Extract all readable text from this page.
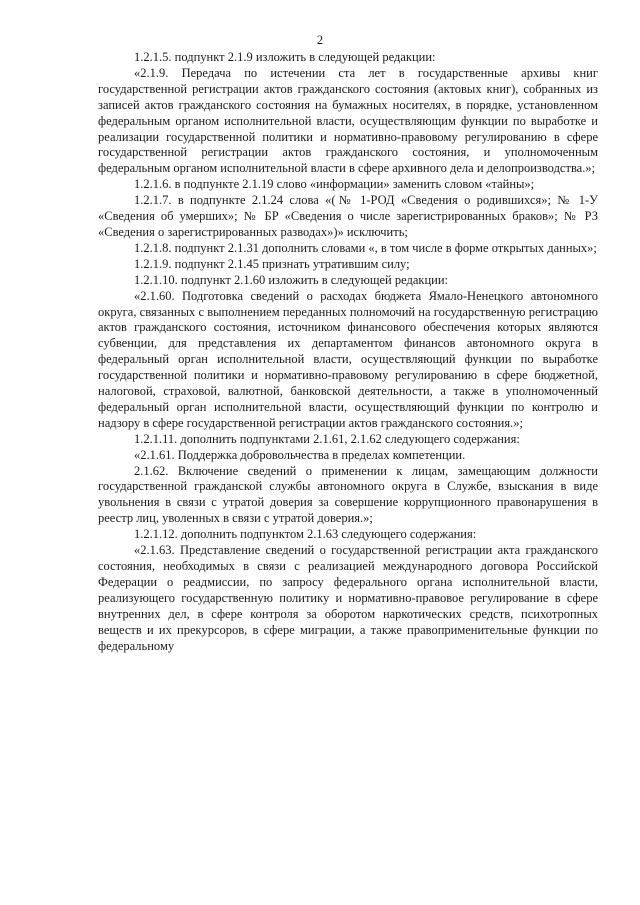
2

1.2.1.5. подпункт 2.1.9 изложить в следующей редакции:

«2.1.9. Передача по истечении ста лет в государственные архивы книг государственной регистрации актов гражданского состояния (актовых книг), собранных из записей актов гражданского состояния на бумажных носителях, в порядке, установленном федеральным органом исполнительной власти, осуществляющим функции по выработке и реализации государственной политики и нормативно-правовому регулированию в сфере государственной регистрации актов гражданского состояния, и уполномоченным федеральным органом исполнительной власти в сфере архивного дела и делопроизводства.»;

1.2.1.6. в подпункте 2.1.19 слово «информации» заменить словом «тайны»;

1.2.1.7. в подпункте 2.1.24 слова «(№ 1-РОД «Сведения о родившихся»; № 1-У «Сведения об умерших»; № БР «Сведения о числе зарегистрированных браков»; № РЗ «Сведения о зарегистрированных разводах»)» исключить;

1.2.1.8. подпункт 2.1.31 дополнить словами «, в том числе в форме открытых данных»;

1.2.1.9. подпункт 2.1.45 признать утратившим силу;

1.2.1.10. подпункт 2.1.60 изложить в следующей редакции:

«2.1.60. Подготовка сведений о расходах бюджета Ямало-Ненецкого автономного округа, связанных с выполнением переданных полномочий на государственную регистрацию актов гражданского состояния, источником финансового обеспечения которых являются субвенции, для представления их департаментом финансов автономного округа в федеральный орган исполнительной власти, осуществляющий функции по выработке государственной политики и нормативно-правовому регулированию в сфере бюджетной, налоговой, страховой, валютной, банковской деятельности, а также в уполномоченный федеральный орган исполнительной власти, осуществляющий функции по контролю и надзору в сфере государственной регистрации актов гражданского состояния.»;

1.2.1.11. дополнить подпунктами 2.1.61, 2.1.62 следующего содержания:

«2.1.61. Поддержка добровольчества в пределах компетенции.

2.1.62. Включение сведений о применении к лицам, замещающим должности государственной гражданской службы автономного округа в Службе, взыскания в виде увольнения в связи с утратой доверия за совершение коррупционного правонарушения в реестр лиц, уволенных в связи с утратой доверия.»;

1.2.1.12. дополнить подпунктом 2.1.63 следующего содержания:

«2.1.63. Представление сведений о государственной регистрации акта гражданского состояния, необходимых в связи с реализацией международного договора Российской Федерации о реадмиссии, по запросу федерального органа исполнительной власти, реализующего государственную политику и нормативно-правовое регулирование в сфере внутренних дел, в сфере контроля за оборотом наркотических средств, психотропных веществ и их прекурсоров, в сфере миграции, а также правоприменительные функции по федеральному
